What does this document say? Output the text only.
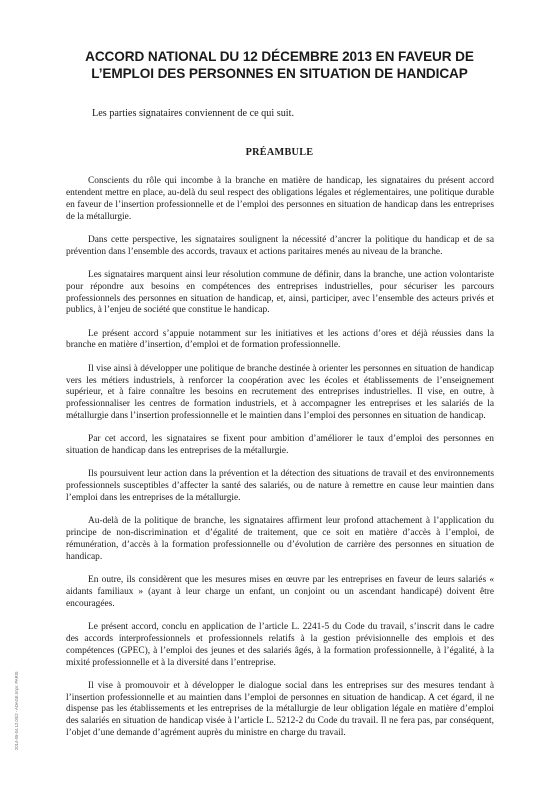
ACCORD NATIONAL DU 12 DÉCEMBRE 2013 EN FAVEUR DE
L’EMPLOI DES PERSONNES EN SITUATION DE HANDICAP

Les parties signataires conviennent de ce qui suit.

PRÉAMBULE

Conscients du rôle qui incombe à la branche en matière de handicap, les signataires du présent accord entendent mettre en place, au-delà du seul respect des obligations légales et réglementaires, une politique durable en faveur de l’insertion professionnelle et de l’emploi des personnes en situation de handicap dans les entreprises de la métallurgie.

Dans cette perspective, les signataires soulignent la nécessité d’ancrer la politique du handicap et de sa prévention dans l’ensemble des accords, travaux et actions paritaires menés au niveau de la branche.

Les signataires marquent ainsi leur résolution commune de définir, dans la branche, une action volontariste pour répondre aux besoins en compétences des entreprises industrielles, pour sécuriser les parcours professionnels des personnes en situation de handicap, et, ainsi, participer, avec l’ensemble des acteurs privés et publics, à l’enjeu de société que constitue le handicap.

Le présent accord s’appuie notamment sur les initiatives et les actions d’ores et déjà réussies dans la branche en matière d’insertion, d’emploi et de formation professionnelle.

Il vise ainsi à développer une politique de branche destinée à orienter les personnes en situation de handicap vers les métiers industriels, à renforcer la coopération avec les écoles et établissements de l’enseignement supérieur, et à faire connaître les besoins en recrutement des entreprises industrielles. Il vise, en outre, à professionnaliser les centres de formation industriels, et à accompagner les entreprises et les salariés de la métallurgie dans l’insertion professionnelle et le maintien dans l’emploi des personnes en situation de handicap.

Par cet accord, les signataires se fixent pour ambition d’améliorer le taux d’emploi des personnes en situation de handicap dans les entreprises de la métallurgie.

Ils poursuivent leur action dans la prévention et la détection des situations de travail et des environnements professionnels susceptibles d’affecter la santé des salariés, ou de nature à remettre en cause leur maintien dans l’emploi dans les entreprises de la métallurgie.

Au-delà de la politique de branche, les signataires affirment leur profond attachement à l’application du principe de non-discrimination et d’égalité de traitement, que ce soit en matière d’accès à l’emploi, de rémunération, d’accès à la formation professionnelle ou d’évolution de carrière des personnes en situation de handicap.

En outre, ils considèrent que les mesures mises en œuvre par les entreprises en faveur de leurs salariés « aidants familiaux » (ayant à leur charge un enfant, un conjoint ou un ascendant handicapé) doivent être encouragées.

Le présent accord, conclu en application de l’article L. 2241-5 du Code du travail, s’inscrit dans le cadre des accords interprofessionnels et professionnels relatifs à la gestion prévisionnelle des emplois et des compétences (GPEC), à l’emploi des jeunes et des salariés âgés, à la formation professionnelle, à l’égalité, à la mixité professionnelle et à la diversité dans l’entreprise.

Il vise à promouvoir et à développer le dialogue social dans les entreprises sur des mesures tendant à l’insertion professionnelle et au maintien dans l’emploi de personnes en situation de handicap. A cet égard, il ne dispense pas les établissements et les entreprises de la métallurgie de leur obligation légale en matière d’emploi des salariés en situation de handicap visée à l’article L. 5212-2 du Code du travail. Il ne fera pas, par conséquent, l’objet d’une demande d’agrément auprès du ministre en charge du travail.

2014-05-04.12.00/2 - ADAGE.Impr. PARIS
